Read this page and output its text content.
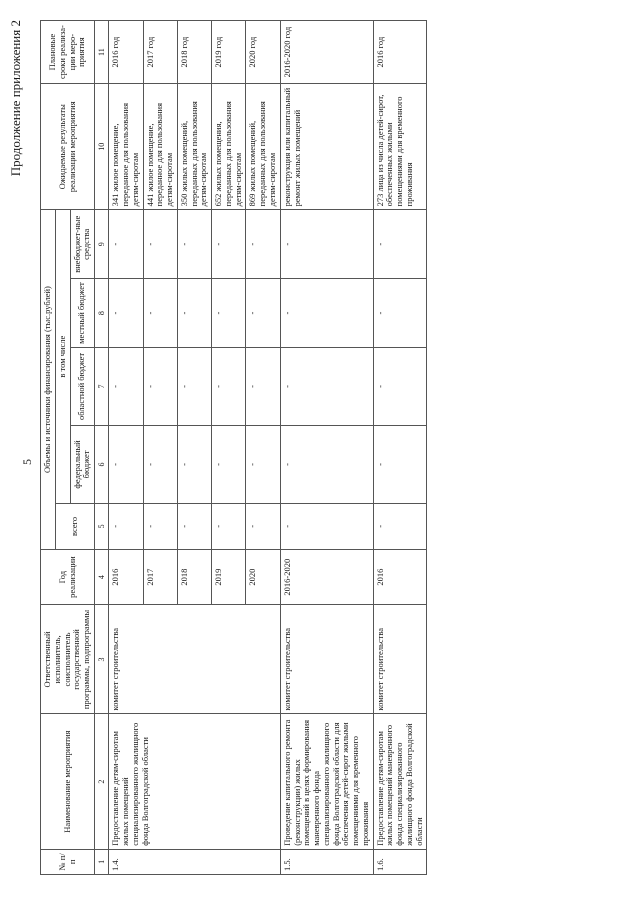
Продолжение приложения 2
5
№ п/п	Наименование мероприятия	Ответственный исполнитель, соисполнитель государственной программы, подпрограммы	Год реализации	Объемы и источники финансирования (тыс.рублей)					Ожидаемые результаты реализации мероприятия	Плановые сроки реализа-ции меро-приятия
				всего	в том числе					
					федеральный бюджет	областной бюджет	местный бюджет	внебюджет-ные средства		
1	2	3	4	5	6	7	8	9	10	11
1.4.	Предоставление детям-сиротам жилых помещений специализированного жилищного фонда Волгоградской области	комитет строительства	2016	-	-	-	-	-	341 жилое помещение, переданное для пользования детям-сиротам	2016 год
			2017	-	-	-	-	-	441 жилое помещение, переданное для пользования детям-сиротам	2017 год
			2018	-	-	-	-	-	350 жилых помещений, переданных для пользования детям-сиротам	2018 год
			2019	-	-	-	-	-	652 жилых помещения, переданных для пользования детям-сиротам	2019 год
			2020	-	-	-	-	-	869 жилых помещений, переданных для пользования детям-сиротам	2020 год
1.5.	Проведение капитального ремонта (реконструкции) жилых помещений в целях формирования маневренного фонда специализированного жилищного фонда Волгоградской области для обеспечения детей-сирот жилыми помещениями для временного проживания	комитет строительства	2016-2020	-	-	-	-	-	реконструкция или капитальный ремонт жилых помещений	2016-2020 год
1.6.	Предоставление детям-сиротам жилых помещений маневренного фонда специализированного жилищного фонда Волгоградской области	комитет строительства	2016	-	-	-	-	-	273 лица из числа детей-сирот, обеспеченных жилыми помещениями для временного проживания	2016 год
